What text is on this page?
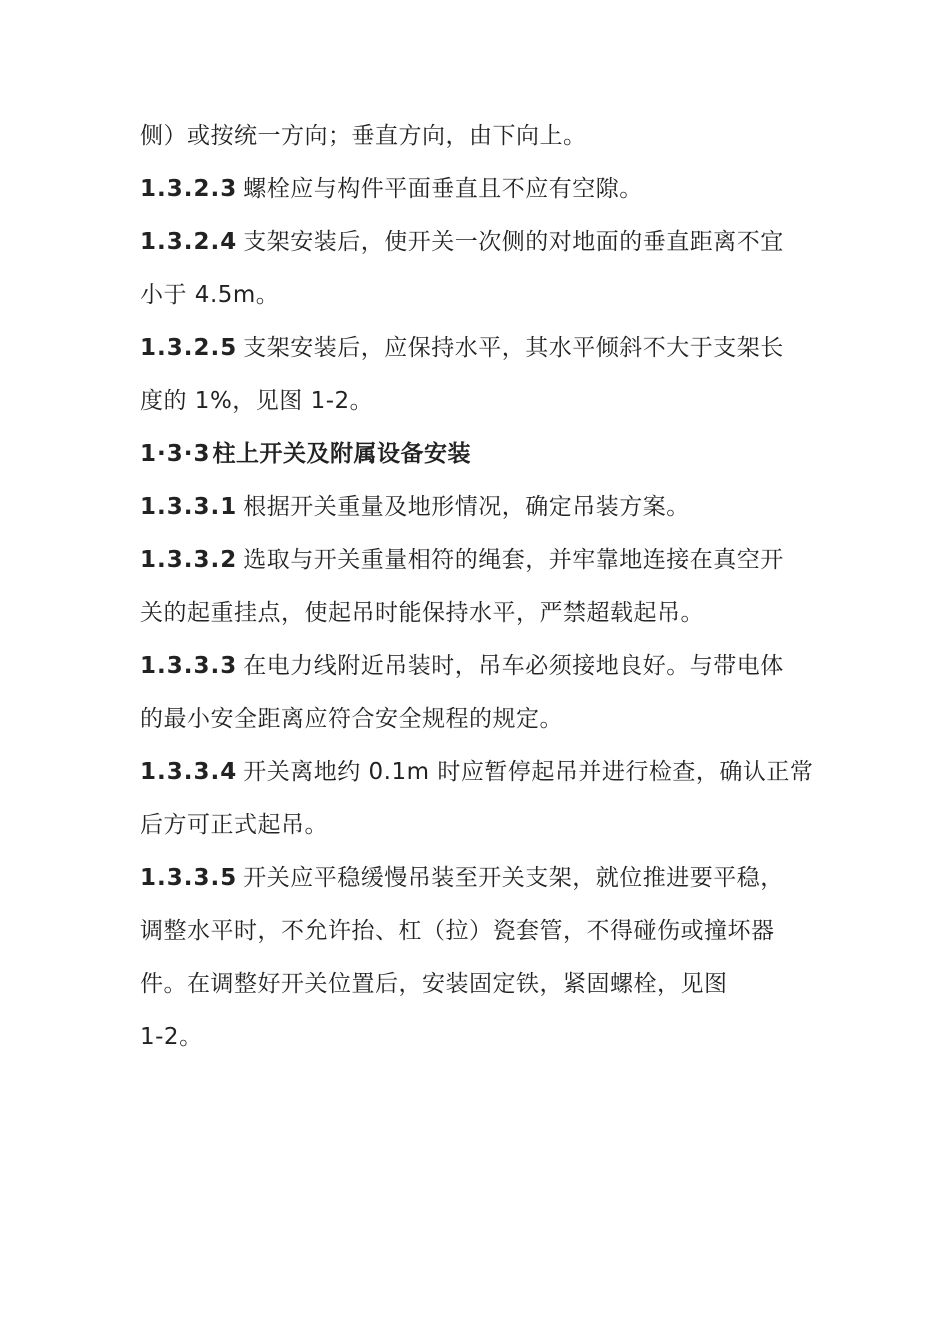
侧）或按统一方向；垂直方向，由下向上。
1.3.2.3 螺栓应与构件平面垂直且不应有空隙。
1.3.2.4 支架安装后，使开关一次侧的对地面的垂直距离不宜
小于 4.5m。
1.3.2.5 支架安装后，应保持水平，其水平倾斜不大于支架长
度的 1%，见图 1-2。
1·3·3柱上开关及附属设备安装
1.3.3.1 根据开关重量及地形情况，确定吊装方案。
1.3.3.2 选取与开关重量相符的绳套，并牢靠地连接在真空开
关的起重挂点，使起吊时能保持水平，严禁超载起吊。
1.3.3.3 在电力线附近吊装时，吊车必须接地良好。与带电体
的最小安全距离应符合安全规程的规定。
1.3.3.4 开关离地约 0.1m 时应暂停起吊并进行检查，确认正常
后方可正式起吊。
1.3.3.5 开关应平稳缓慢吊装至开关支架，就位推进要平稳，
调整水平时，不允许抬、杠（拉）瓷套管，不得碰伤或撞坏器
件。在调整好开关位置后，安装固定铁，紧固螺栓，见图
1-2。
